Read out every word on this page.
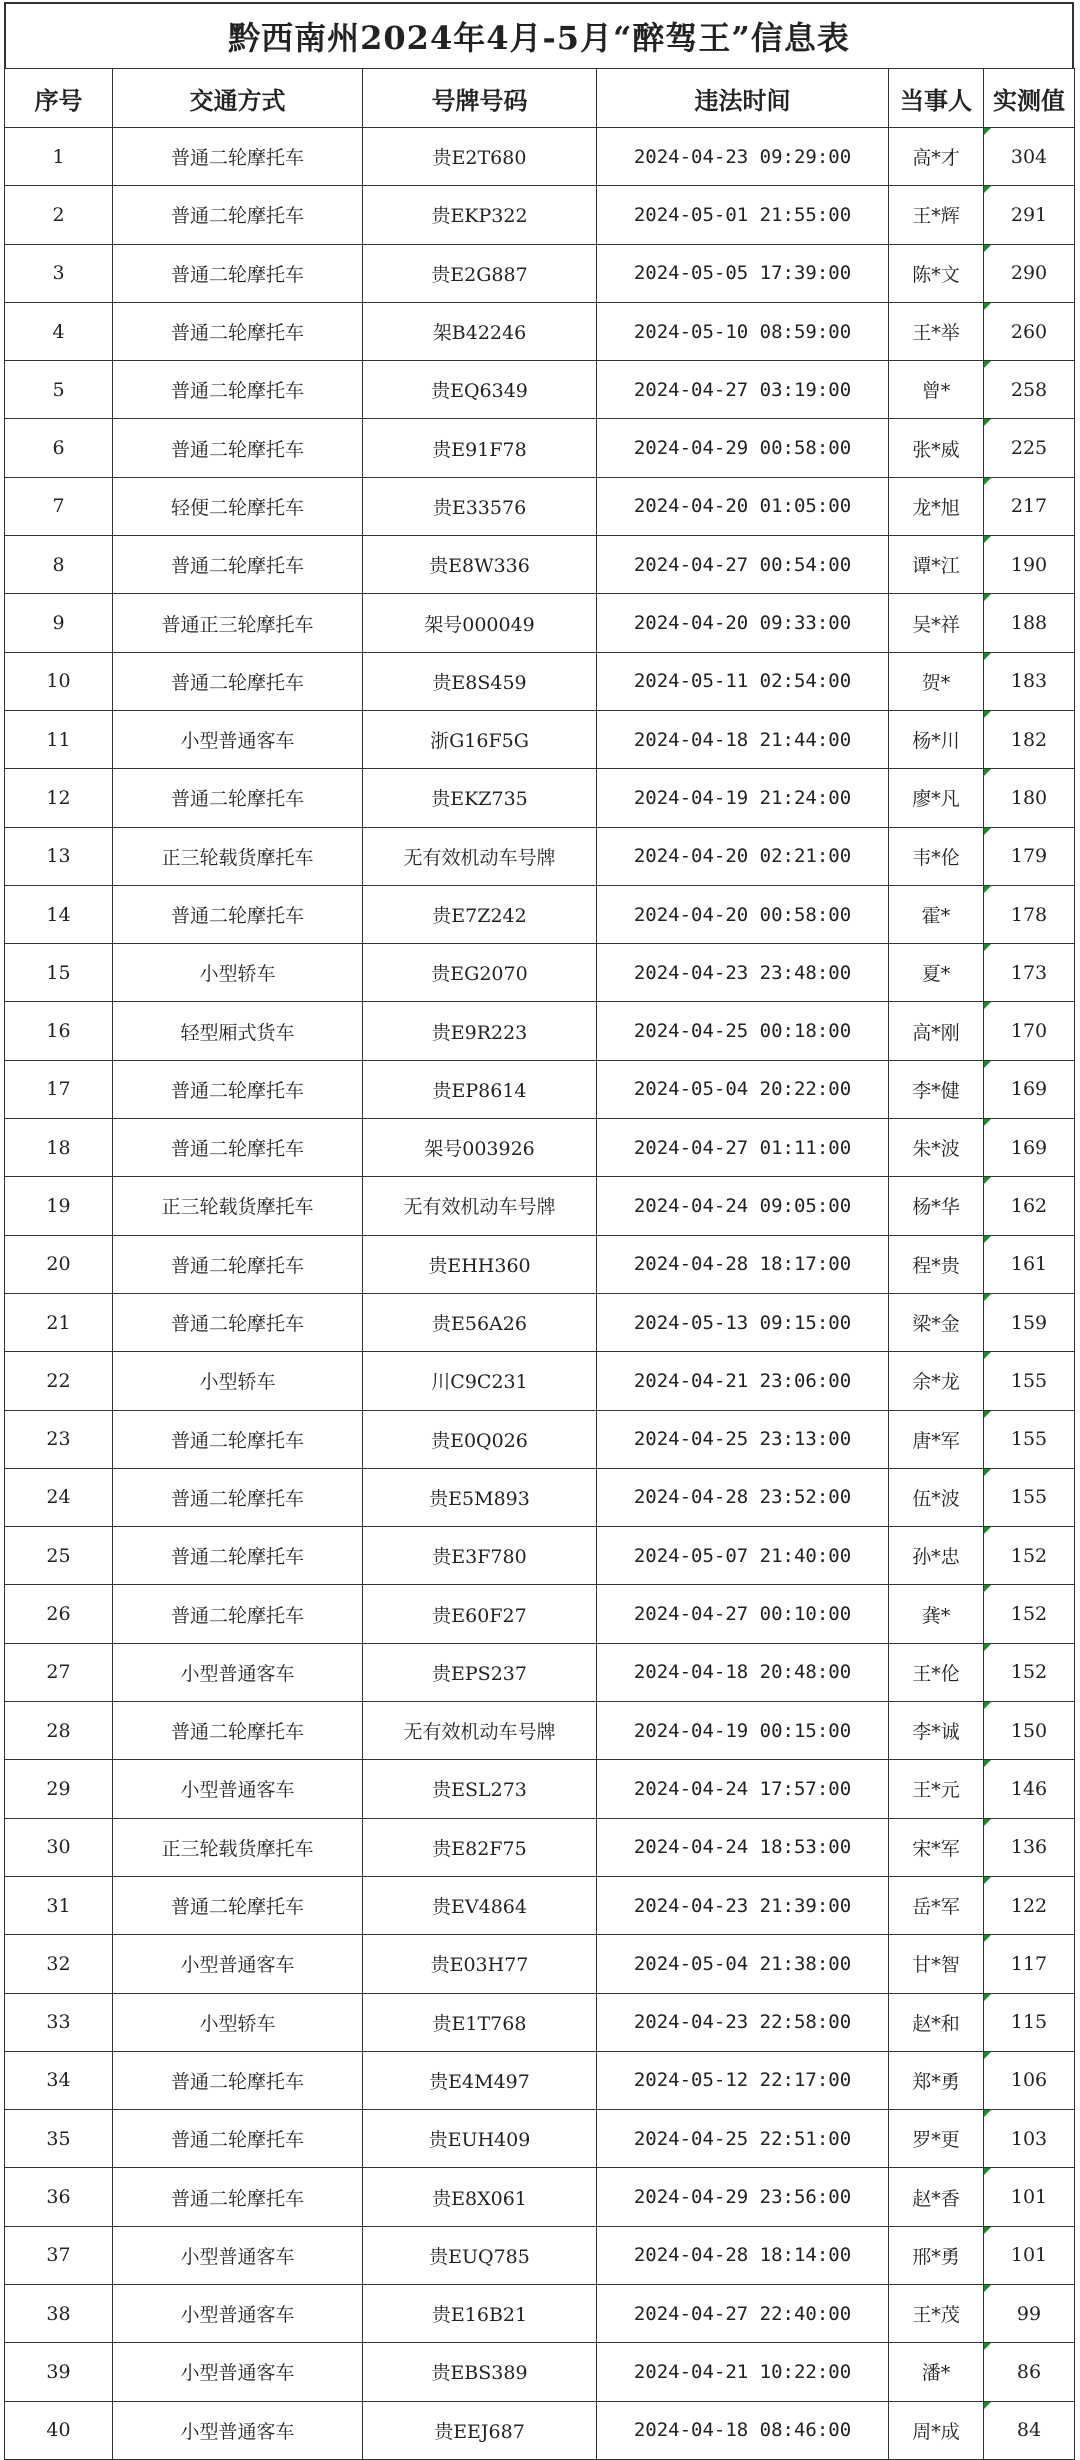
黔西南州2024年4月-5月“醉驾王”信息表
序号	交通方式	号牌号码	违法时间	当事人	实测值
1	普通二轮摩托车	贵E2T680	2024-04-23 09:29:00	高*才	304
2	普通二轮摩托车	贵EKP322	2024-05-01 21:55:00	王*辉	291
3	普通二轮摩托车	贵E2G887	2024-05-05 17:39:00	陈*文	290
4	普通二轮摩托车	架B42246	2024-05-10 08:59:00	王*举	260
5	普通二轮摩托车	贵EQ6349	2024-04-27 03:19:00	曾*	258
6	普通二轮摩托车	贵E91F78	2024-04-29 00:58:00	张*威	225
7	轻便二轮摩托车	贵E33576	2024-04-20 01:05:00	龙*旭	217
8	普通二轮摩托车	贵E8W336	2024-04-27 00:54:00	谭*江	190
9	普通正三轮摩托车	架号000049	2024-04-20 09:33:00	吴*祥	188
10	普通二轮摩托车	贵E8S459	2024-05-11 02:54:00	贺*	183
11	小型普通客车	浙G16F5G	2024-04-18 21:44:00	杨*川	182
12	普通二轮摩托车	贵EKZ735	2024-04-19 21:24:00	廖*凡	180
13	正三轮载货摩托车	无有效机动车号牌	2024-04-20 02:21:00	韦*伦	179
14	普通二轮摩托车	贵E7Z242	2024-04-20 00:58:00	霍*	178
15	小型轿车	贵EG2070	2024-04-23 23:48:00	夏*	173
16	轻型厢式货车	贵E9R223	2024-04-25 00:18:00	高*刚	170
17	普通二轮摩托车	贵EP8614	2024-05-04 20:22:00	李*健	169
18	普通二轮摩托车	架号003926	2024-04-27 01:11:00	朱*波	169
19	正三轮载货摩托车	无有效机动车号牌	2024-04-24 09:05:00	杨*华	162
20	普通二轮摩托车	贵EHH360	2024-04-28 18:17:00	程*贵	161
21	普通二轮摩托车	贵E56A26	2024-05-13 09:15:00	梁*金	159
22	小型轿车	川C9C231	2024-04-21 23:06:00	余*龙	155
23	普通二轮摩托车	贵E0Q026	2024-04-25 23:13:00	唐*军	155
24	普通二轮摩托车	贵E5M893	2024-04-28 23:52:00	伍*波	155
25	普通二轮摩托车	贵E3F780	2024-05-07 21:40:00	孙*忠	152
26	普通二轮摩托车	贵E60F27	2024-04-27 00:10:00	龚*	152
27	小型普通客车	贵EPS237	2024-04-18 20:48:00	王*伦	152
28	普通二轮摩托车	无有效机动车号牌	2024-04-19 00:15:00	李*诚	150
29	小型普通客车	贵ESL273	2024-04-24 17:57:00	王*元	146
30	正三轮载货摩托车	贵E82F75	2024-04-24 18:53:00	宋*军	136
31	普通二轮摩托车	贵EV4864	2024-04-23 21:39:00	岳*军	122
32	小型普通客车	贵E03H77	2024-05-04 21:38:00	甘*智	117
33	小型轿车	贵E1T768	2024-04-23 22:58:00	赵*和	115
34	普通二轮摩托车	贵E4M497	2024-05-12 22:17:00	郑*勇	106
35	普通二轮摩托车	贵EUH409	2024-04-25 22:51:00	罗*更	103
36	普通二轮摩托车	贵E8X061	2024-04-29 23:56:00	赵*香	101
37	小型普通客车	贵EUQ785	2024-04-28 18:14:00	邢*勇	101
38	小型普通客车	贵E16B21	2024-04-27 22:40:00	王*茂	99
39	小型普通客车	贵EBS389	2024-04-21 10:22:00	潘*	86
40	小型普通客车	贵EEJ687	2024-04-18 08:46:00	周*成	84
